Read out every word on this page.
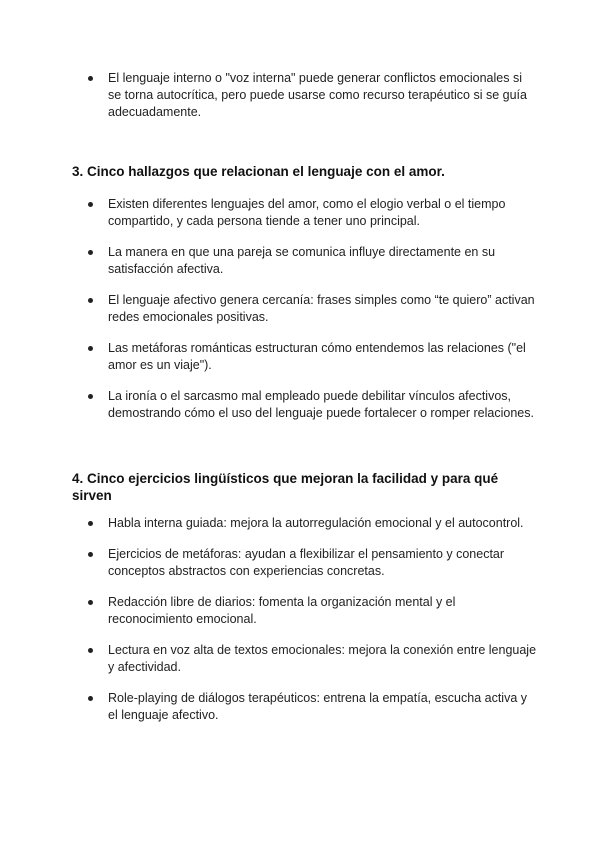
El lenguaje interno o "voz interna" puede generar conflictos emocionales si se torna autocrítica, pero puede usarse como recurso terapéutico si se guía adecuadamente.
3. Cinco hallazgos que relacionan el lenguaje con el amor.
Existen diferentes lenguajes del amor, como el elogio verbal o el tiempo compartido, y cada persona tiende a tener uno principal.
La manera en que una pareja se comunica influye directamente en su satisfacción afectiva.
El lenguaje afectivo genera cercanía: frases simples como “te quiero” activan redes emocionales positivas.
Las metáforas románticas estructuran cómo entendemos las relaciones ("el amor es un viaje").
La ironía o el sarcasmo mal empleado puede debilitar vínculos afectivos, demostrando cómo el uso del lenguaje puede fortalecer o romper relaciones.
4. Cinco ejercicios lingüísticos que mejoran la facilidad y para qué sirven
Habla interna guiada: mejora la autorregulación emocional y el autocontrol.
Ejercicios de metáforas: ayudan a flexibilizar el pensamiento y conectar conceptos abstractos con experiencias concretas.
Redacción libre de diarios: fomenta la organización mental y el reconocimiento emocional.
Lectura en voz alta de textos emocionales: mejora la conexión entre lenguaje y afectividad.
Role-playing de diálogos terapéuticos: entrena la empatía, escucha activa y el lenguaje afectivo.
